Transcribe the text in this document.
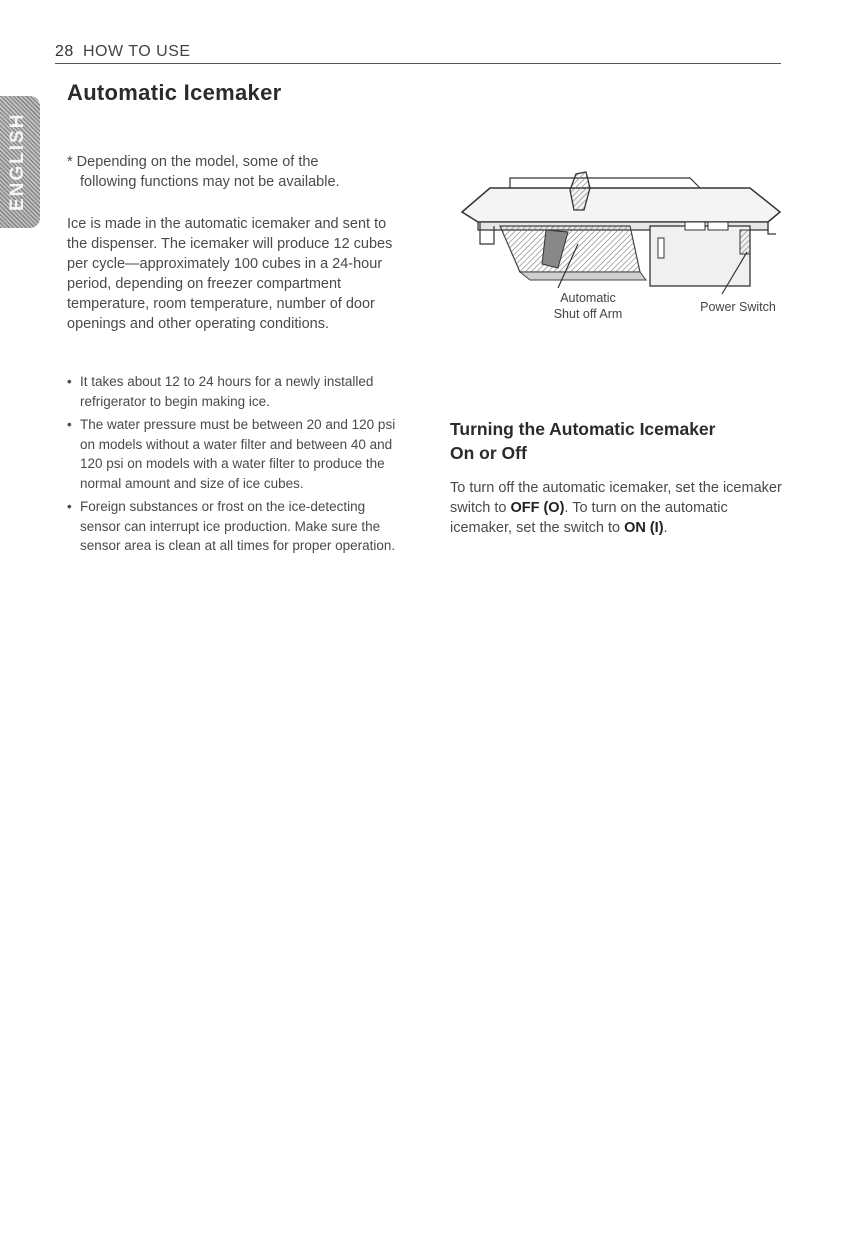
28 HOW TO USE
ENGLISH
Automatic Icemaker
* Depending on the model, some of the
following functions may not be available.

Ice is made in the automatic icemaker and sent to the dispenser. The icemaker will produce 12 cubes per cycle—approximately 100 cubes in a 24-hour period, depending on freezer compartment temperature, room temperature, number of door openings and other operating conditions.

• It takes about 12 to 24 hours for a newly installed refrigerator to begin making ice.
• The water pressure must be between 20 and 120 psi on models without a water filter and between 40 and 120 psi on models with a water filter to produce the normal amount and size of ice cubes.
• Foreign substances or frost on the ice-detecting sensor can interrupt ice production. Make sure the sensor area is clean at all times for proper operation.
Automatic
Shut off Arm	Power Switch
Turning the Automatic Icemaker
On or Off

To turn off the automatic icemaker, set the icemaker switch to OFF (O). To turn on the automatic icemaker, set the switch to ON (I).
